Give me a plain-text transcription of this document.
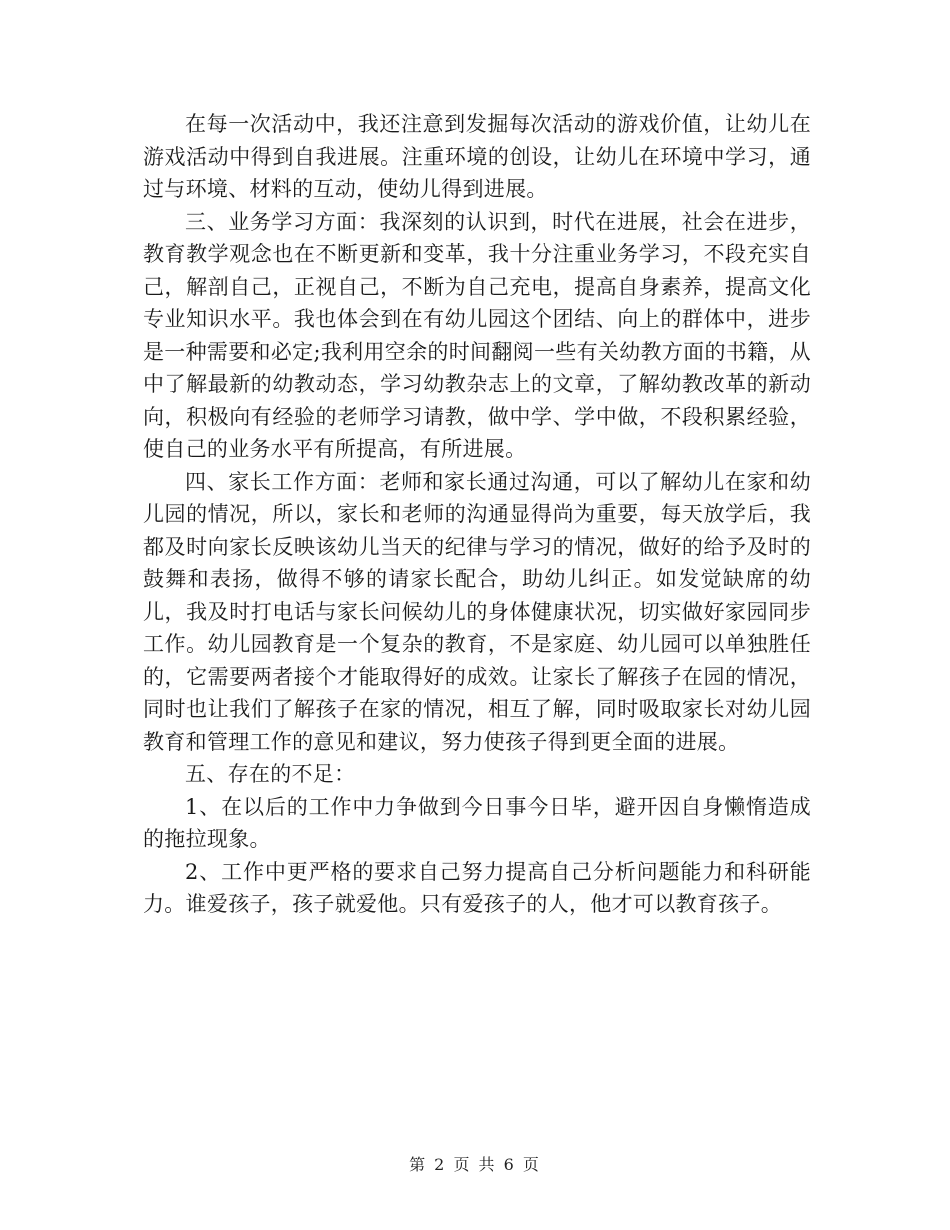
在每一次活动中，我还注意到发掘每次活动的游戏价值，让幼儿在游戏活动中得到自我进展。注重环境的创设，让幼儿在环境中学习，通过与环境、材料的互动，使幼儿得到进展。

三、业务学习方面：我深刻的认识到，时代在进展，社会在进步，教育教学观念也在不断更新和变革，我十分注重业务学习，不段充实自己，解剖自己，正视自己，不断为自己充电，提高自身素养，提高文化专业知识水平。我也体会到在有幼儿园这个团结、向上的群体中，进步是一种需要和必定;我利用空余的时间翻阅一些有关幼教方面的书籍，从中了解最新的幼教动态，学习幼教杂志上的文章，了解幼教改革的新动向，积极向有经验的老师学习请教，做中学、学中做，不段积累经验，使自己的业务水平有所提高，有所进展。

四、家长工作方面：老师和家长通过沟通，可以了解幼儿在家和幼儿园的情况，所以，家长和老师的沟通显得尚为重要，每天放学后，我都及时向家长反映该幼儿当天的纪律与学习的情况，做好的给予及时的鼓舞和表扬，做得不够的请家长配合，助幼儿纠正。如发觉缺席的幼儿，我及时打电话与家长问候幼儿的身体健康状况，切实做好家园同步工作。幼儿园教育是一个复杂的教育，不是家庭、幼儿园可以单独胜任的，它需要两者接个才能取得好的成效。让家长了解孩子在园的情况，同时也让我们了解孩子在家的情况，相互了解，同时吸取家长对幼儿园教育和管理工作的意见和建议，努力使孩子得到更全面的进展。

五、存在的不足：

1、在以后的工作中力争做到今日事今日毕，避开因自身懒惰造成的拖拉现象。

2、工作中更严格的要求自己努力提高自己分析问题能力和科研能力。谁爱孩子，孩子就爱他。只有爱孩子的人，他才可以教育孩子。

第 2 页 共 6 页
